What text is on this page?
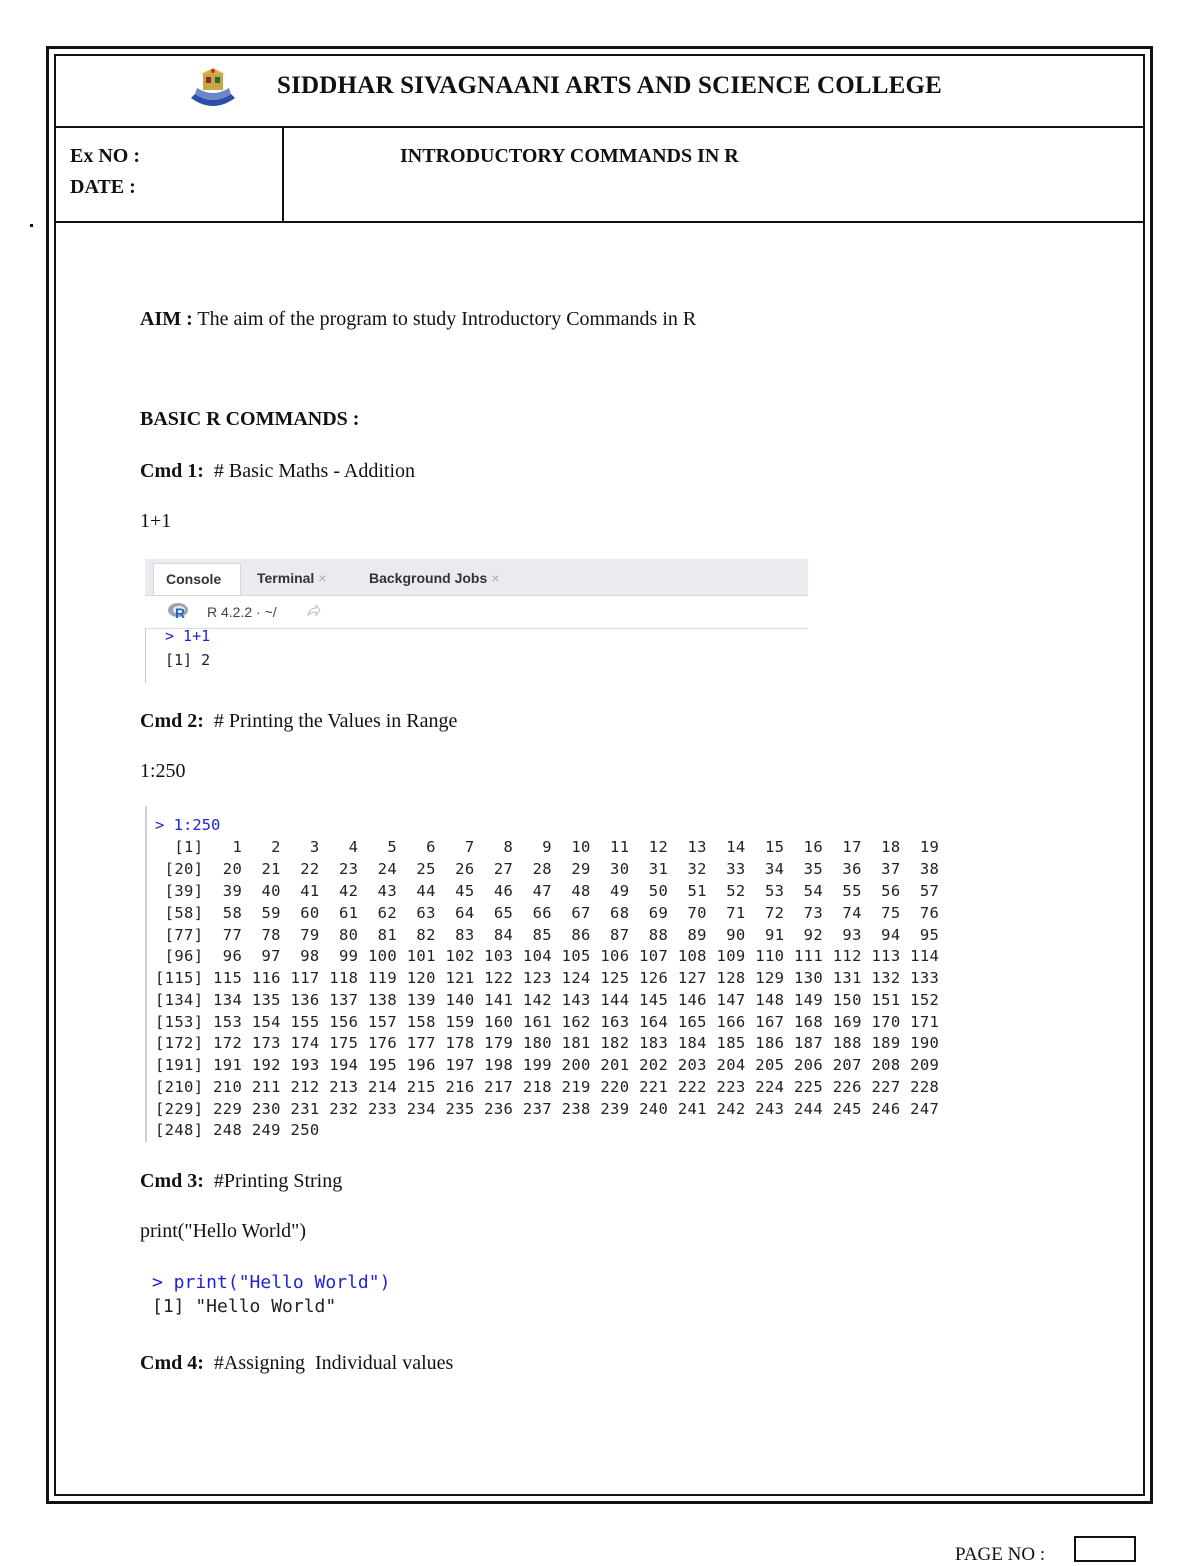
SIDDHAR SIVAGNAANI ARTS AND SCIENCE COLLEGE
Ex NO :
DATE :
INTRODUCTORY COMMANDS IN R
AIM : The aim of the program to study Introductory Commands in R
BASIC R COMMANDS :
Cmd 1:  # Basic Maths - Addition
1+1
Console	Terminal ×	Background Jobs ×
R R 4.2.2 · ~/
> 1+1
[1] 2
Cmd 2:  # Printing the Values in Range
1:250
> 1:250
[1]   1   2   3   4   5   6   7   8   9  10  11  12  13  14  15  16  17  18  19
[20]  20  21  22  23  24  25  26  27  28  29  30  31  32  33  34  35  36  37  38
[39]  39  40  41  42  43  44  45  46  47  48  49  50  51  52  53  54  55  56  57
[58]  58  59  60  61  62  63  64  65  66  67  68  69  70  71  72  73  74  75  76
[77]  77  78  79  80  81  82  83  84  85  86  87  88  89  90  91  92  93  94  95
[96]  96  97  98  99 100 101 102 103 104 105 106 107 108 109 110 111 112 113 114
[115] 115 116 117 118 119 120 121 122 123 124 125 126 127 128 129 130 131 132 133
[134] 134 135 136 137 138 139 140 141 142 143 144 145 146 147 148 149 150 151 152
[153] 153 154 155 156 157 158 159 160 161 162 163 164 165 166 167 168 169 170 171
[172] 172 173 174 175 176 177 178 179 180 181 182 183 184 185 186 187 188 189 190
[191] 191 192 193 194 195 196 197 198 199 200 201 202 203 204 205 206 207 208 209
[210] 210 211 212 213 214 215 216 217 218 219 220 221 222 223 224 225 226 227 228
[229] 229 230 231 232 233 234 235 236 237 238 239 240 241 242 243 244 245 246 247
[248] 248 249 250
Cmd 3:  #Printing String
print("Hello World")
> print("Hello World")
[1] "Hello World"
Cmd 4:  #Assigning  Individual values
PAGE NO :
